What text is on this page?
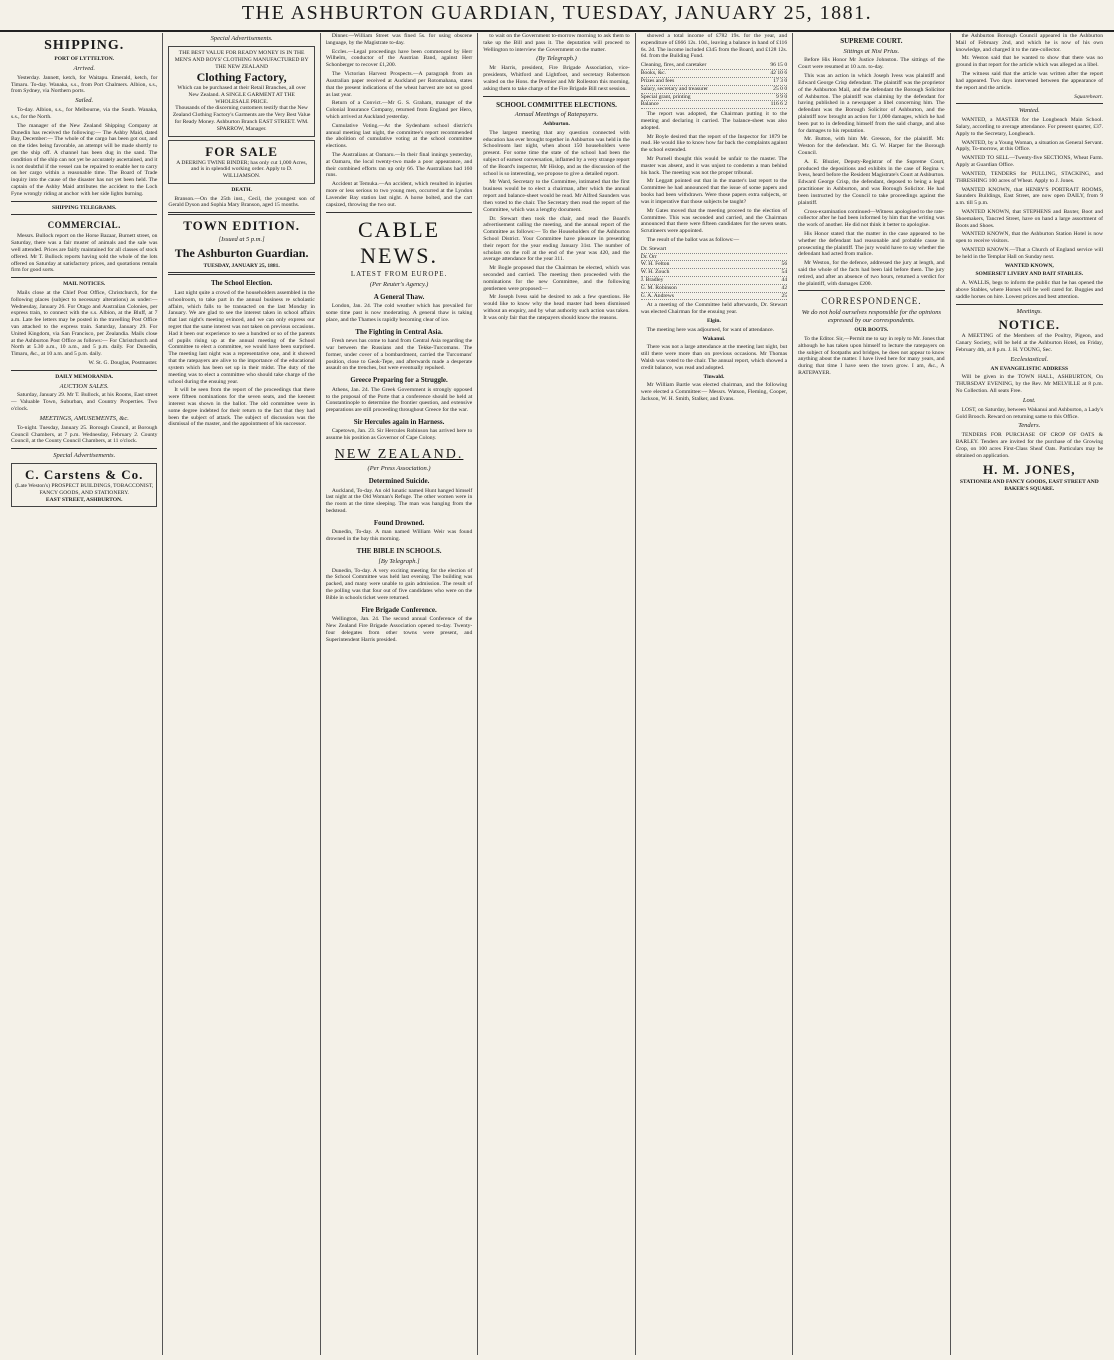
THE ASHBURTON GUARDIAN, TUESDAY, JANUARY 25, 1881.
SHIPPING.
PORT OF LYTTELTON.
Arrived.

Yesterday. Jannett, ketch, for Waitapu. Emerald, ketch, for Timaru. To-day. Wanaka, s.s., from Port Chalmers. Albion, s.s., from Sydney, via Northern ports.

Sailed.

To-day. Albion, s.s., for Melbourne, via the South. Wanaka, s.s., for the North.

The manager of the New Zealand Shipping Company at Dunedin has received the following:— The Ashby Maid, dated Bay, December:— The whole of the cargo has been got out, and on the tides being favorable, an attempt will be made shortly to get the ship off. A channel has been dug in the sand. The condition of the ship can not yet be accurately ascertained, and it is not doubtful if the vessel can be repaired to enable her to carry on her cargo within a reasonable time. The Board of Trade inquiry into the cause of the disaster has not yet been held. The captain of the Ashby Maid attributes the accident to the Loch Fyne wrongly riding at anchor with her side lights burning.

SHIPPING TELEGRAMS.
COMMERCIAL.

Messrs. Bullock report on the Horse Bazaar, Burnett street, on Saturday, there was a fair muster of animals and the sale was well attended. Prices are fairly maintained for all classes of stock offered. Mr T. Bullock reports having sold the whole of the lots offered on Saturday at satisfactory prices, and quotations remain firm for good sorts.

MAIL NOTICES.

Mails close at the Chief Post Office, Christchurch, for the following places (subject to necessary alterations) as under:— Wednesday, January 26. For Otago and Australian Colonies, per express train, to connect with the s.s. Albion, at the Bluff, at 7 a.m. Late fee letters may be posted in the travelling Post Office van attached to the express train. Saturday, January 29. For United Kingdom, via San Francisco, per Zealandia. Mails close at the Ashburton Post Office as follows:— For Christchurch and North at 5.30 a.m., 10 a.m., and 5 p.m. daily. For Dunedin, Timaru, &c., at 10 a.m. and 5 p.m. daily.

W. St. G. Douglas, Postmaster.

DAILY MEMORANDA.
AUCTION SALES.

Saturday, January 29. Mr T. Bullock, at his Rooms, East street — Valuable Town, Suburban, and Country Properties. Two o'clock.

MEETINGS, AMUSEMENTS, &c.

To-night. Tuesday, January 25. Borough Council, at Borough Council Chambers, at 7 p.m. Wednesday, February 2. County Council, at the County Council Chambers, at 11 o'clock.

Special Advertisements.
C. Carstens & Co.
(Late Weston's) PROSPECT BUILDINGS, TOBACCONIST, FANCY GOODS, AND STATIONERY.
EAST STREET, ASHBURTON.
Special Advertisements.
THE BEST VALUE FOR READY MONEY IS IN THE MEN'S AND BOYS' CLOTHING MANUFACTURED BY THE NEW ZEALAND
Clothing Factory,
Which can be purchased at their Retail Branches, all over New Zealand. A SINGLE GARMENT AT THE WHOLESALE PRICE.
Thousands of the discerning customers testify that the New Zealand Clothing Factory's Garments are the Very Best Value for Ready Money. Ashburton Branch EAST STREET. WM. SPARROW, Manager.
FOR SALE
A DEERING TWINE BINDER; has only cut 1,000 Acres, and is in splendid working order. Apply to D. WILLIAMSON.
DEATH.

Branson.—On the 25th inst., Cecil, the youngest son of Gerald Dyson and Sophia Mary Branson, aged 15 months.

TOWN EDITION.
[Issued at 5 p.m.]
The Ashburton Guardian.
TUESDAY, JANUARY 25, 1881.
The School Election.

Last night quite a crowd of the householders assembled in the schoolroom, to take part in the annual business re scholastic affairs, which falls to be transacted on the last Monday in January. We are glad to see the interest taken in school affairs that last night's meeting evinced, and we can only express our regret that the same interest was not taken on previous occasions. Had it been our experience to see a hundred or so of the parents of pupils rising up at the annual meeting of the School Committee to elect a committee, we would have been surprised. The meeting last night was a representative one, and it showed that the ratepayers are alive to the importance of the educational system which has been set up in their midst. The duty of the meeting was to elect a committee who should take charge of the school during the ensuing year.

It will be seen from the report of the proceedings that there were fifteen nominations for the seven seats, and the keenest interest was shown in the ballot. The old committee were in some degree indebted for their return to the fact that they had been the subject of attack. The subject of discussion was the dismissal of the master, and the appointment of his successor.

Dinner.—William Street was fined 5s. for using obscene language, by the Magistrate to-day.

Eccles.—Legal proceedings have been commenced by Herr Wilhelm, conductor of the Austrian Band, against Herr Schonberger to recover £1,200.

The Victorian Harvest Prospects.—A paragraph from an Australian paper received at Auckland per Rotomahana, states that the present indications of the wheat harvest are not so good as last year.

Return of a Convict.—Mr G. S. Graham, manager of the Colonial Insurance Company, returned from England per Hero, which arrived at Auckland yesterday.

Cumulative Voting.—At the Sydenham school district's annual meeting last night, the committee's report recommended the abolition of cumulative voting at the school committee elections.

The Australians at Oamaru.—In their final innings yesterday, at Oamaru, the local twenty-two made a poor appearance, and their combined efforts ran up only 66. The Australians had 160 runs.

Accident at Temuka.—An accident, which resulted in injuries more or less serious to two young men, occurred at the Lyndon Lavender Bay station last night. A horse bolted, and the cart capsized, throwing the two out.

CABLE NEWS.
LATEST FROM EUROPE.
(Per Reuter's Agency.)
A General Thaw.

London, Jan. 24. The cold weather which has prevailed for some time past is now moderating. A general thaw is taking place, and the Thames is rapidly becoming clear of ice.

The Fighting in Central Asia.

Fresh news has come to hand from Central Asia regarding the war between the Russians and the Tekke-Turcomans. The former, under cover of a bombardment, carried the Turcomans' position, close to Geok-Tepe, and afterwards made a desperate assault on the trenches, but were eventually repulsed.

Greece Preparing for a Struggle.

Athens, Jan. 24. The Greek Government is strongly opposed to the proposal of the Porte that a conference should be held at Constantinople to determine the frontier question, and extensive preparations are still proceeding throughout Greece for the war.

Sir Hercules again in Harness.

Capetown, Jan. 23. Sir Hercules Robinson has arrived here to assume his position as Governor of Cape Colony.

NEW ZEALAND.
(Per Press Association.)
Determined Suicide.

Auckland, To-day. An old lunatic named Hunt hanged himself last night at the Old Woman's Refuge. The other women were in the room at the time sleeping. The man was hanging from the bedstead.

Found Drowned.

Dunedin, To-day. A man named William Weir was found drowned in the bay this morning.

THE BIBLE IN SCHOOLS.
[By Telegraph.]

Dunedin, To-day. A very exciting meeting for the election of the School Committee was held last evening. The building was packed, and many were unable to gain admission. The result of the polling was that four out of five candidates who were on the Bible in schools ticket were returned.

Fire Brigade Conference.

Wellington, Jan. 24. The second annual Conference of the New Zealand Fire Brigade Association opened to-day. Twenty-four delegates from other towns were present, and Superintendent Harris presided.

to wait on the Government to-morrow morning to ask them to take up the Bill and pass it. The deputation will proceed to Wellington to interview the Government on the matter.

(By Telegraph.)

Mr Harris, president, Fire Brigade Association, vice-presidents, Whitford and Lightfoot, and secretary Robertson waited on the Hons. the Premier and Mr Rolleston this morning, asking them to take charge of the Fire Brigade Bill next session.

SCHOOL COMMITTEE ELECTIONS.
Annual Meetings of Ratepayers.
Ashburton.

The largest meeting that any question connected with education has ever brought together in Ashburton was held in the Schoolroom last night, when about 150 householders were present. For some time the state of the school had been the subject of earnest conversation, inflamed by a very strange report of the Board's inspector, Mr Hislop, and as the discussion of the school is so interesting, we propose to give a detailed report.

Mr Ward, Secretary to the Committee, intimated that the first business would be to elect a chairman, after which the annual report and balance-sheet would be read. Mr Alfred Saunders was then voted to the chair. The Secretary then read the report of the Committee, which was a lengthy document.

Dr. Stewart then took the chair, and read the Board's advertisement calling the meeting, and the annual report of the Committee as follows:— To the Householders of the Ashburton School District. Your Committee have pleasure in presenting their report for the year ending January 31st. The number of scholars on the roll at the end of the year was 420, and the average attendance for the year 311.

Mr Bogle proposed that the Chairman be elected, which was seconded and carried. The meeting then proceeded with the nominations for the new Committee, and the following gentlemen were proposed:—

Mr Joseph Ivess said he desired to ask a few questions. He would like to know why the head master had been dismissed without an enquiry, and by what authority such action was taken. It was only fair that the ratepayers should know the reasons.

showed a total income of £782 19s. for the year, and expenditure of £666 12s. 10d., leaving a balance in hand of £116 6s. 2d. The income included £345 from the Board, and £128 12s. 6d. from the Building Fund.

Cleaning, fires, and caretaker	96 15 0
Books, &c.	42 10 6
Prizes and fees	17 3 0
Salary, secretary and treasurer	25 0 0
Special grant, printing	9 9 0
Balance	116 6 2

The report was adopted, the Chairman putting it to the meeting and declaring it carried. The balance-sheet was also adopted.

Mr Boyle desired that the report of the Inspector for 1879 be read. He would like to know how far back the complaints against the school extended.

Mr Purnell thought this would be unfair to the master. The master was absent, and it was unjust to condemn a man behind his back. The meeting was not the proper tribunal.

Mr Leggatt pointed out that in the master's last report to the Committee he had announced that the issue of some papers and books had been withdrawn. Were those papers extra subjects, or was it imperative that those subjects be taught?

Mr Gates moved that the meeting proceed to the election of Committee. This was seconded and carried, and the Chairman announced that there were fifteen candidates for the seven seats. Scrutineers were appointed.

The result of the ballot was as follows:—

Dr. Stewart
Dr. Orr
W. H. Felton	56
W. H. Zouch	54
J. Bradley	44
G. M. Robinson	42
G. A. Andrews	25

At a meeting of the Committee held afterwards, Dr. Stewart was elected Chairman for the ensuing year.

Elgin.

The meeting here was adjourned, for want of attendance.

Wakanui.

There was not a large attendance at the meeting last night, but still there were more than on previous occasions. Mr Thomas Walsh was voted to the chair. The annual report, which showed a credit balance, was read and adopted.

Tinwald.

Mr William Bartle was elected chairman, and the following were elected a Committee:— Messrs. Watson, Fleming, Cooper, Jackson, W. H. Smith, Stalker, and Evans.

SUPREME COURT.
Sittings at Nisi Prius.

Before His Honor Mr Justice Johnston. The sittings of the Court were resumed at 10 a.m. to-day.

This was an action in which Joseph Ivess was plaintiff and Edward George Crisp defendant. The plaintiff was the proprietor of the Ashburton Mail, and the defendant the Borough Solicitor of Ashburton. The plaintiff was claiming by the defendant for having published in a newspaper a libel concerning him. The defendant was the Borough Solicitor of Ashburton, and the plaintiff now brought an action for 1,000 damages, which he had been put to in defending himself from the said charge, and also for damages to his reputation.

Mr. Button, with him Mr. Gresson, for the plaintiff. Mr. Weston for the defendant. Mr. G. W. Harper for the Borough Council.

A. E. Bluzier, Deputy-Registrar of the Supreme Court, produced the depositions and exhibits in the case of Regina v. Ivess, heard before the Resident Magistrate's Court at Ashburton. Edward George Crisp, the defendant, deposed to being a legal practitioner in Ashburton, and was Borough Solicitor. He had been instructed by the Council to take proceedings against the plaintiff.

Cross-examination continued—Witness apologised to the rate-collector after he had been informed by him that the writing was the work of another. He did not think it better to apologise.

His Honor stated that the matter in the case appeared to be whether the defendant had reasonable and probable cause in prosecuting the plaintiff. The jury would have to say whether the defendant had acted from malice.

Mr Weston, for the defence, addressed the jury at length, and said the whole of the facts had been laid before them. The jury retired, and after an absence of two hours, returned a verdict for the plaintiff, with damages £200.

CORRESPONDENCE.
We do not hold ourselves responsible for the opinions expressed by our correspondents.
OUR BOOTS.

To the Editor. Sir,—Permit me to say in reply to Mr. Jones that although he has taken upon himself to lecture the ratepayers on the subject of footpaths and bridges, he does not appear to know anything about the matter. I have lived here for many years, and during that time I have seen the town grow. I am, &c., A RATEPAYER.

the Ashburton Borough Council appeared in the Ashburton Mail of February 2nd, and which he is now of his own knowledge, and charged it to the rate-collector.

Mr. Weston said that he wanted to show that there was no ground in that report for the article which was alleged as a libel.

The witness said that the article was written after the report had appeared. Two days intervened between the appearance of the report and the article.

Squareheart.

Wanted.

WANTED, a MASTER for the Longbeach Main School. Salary, according to average attendance. For present quarter, £37. Apply to the Secretary, Longbeach.

WANTED, by a Young Woman, a situation as General Servant. Apply, To-morrow, at this Office.

WANTED TO SELL—Twenty-five SECTIONS, Wheat Farm. Apply at Guardian Office.

WANTED, TENDERS for PULLING, STACKING, and THRESHING 100 acres of Wheat. Apply to J. Jones.

WANTED KNOWN, that HENRY'S PORTRAIT ROOMS, Saunders Buildings, East Street, are now open DAILY, from 9 a.m. till 5 p.m.

WANTED KNOWN, that STEPHENS and Baxter, Boot and Shoemakers, Tancred Street, have on hand a large assortment of Boots and Shoes.

WANTED KNOWN, that the Ashburton Station Hotel is now open to receive visitors.

WANTED KNOWN.—That a Church of England service will be held in the Templar Hall on Sunday next.

WANTED KNOWN,
SOMERSET LIVERY AND BAIT STABLES.

A. WALLIS, begs to inform the public that he has opened the above Stables, where Horses will be well cared for. Buggies and saddle horses on hire. Lowest prices and best attention.

Meetings.
NOTICE.

A MEETING of the Members of the Poultry, Pigeon, and Canary Society, will be held at the Ashburton Hotel, on Friday, February 4th, at 8 p.m. J. H. YOUNG, Sec.

Ecclesiastical.
AN EVANGELISTIC ADDRESS

Will be given in the TOWN HALL, ASHBURTON, On THURSDAY EVENING, by the Rev. Mr MELVILLE at 8 p.m. No Collection. All seats Free.

Lost.

LOST, on Saturday, between Wakanui and Ashburton, a Lady's Gold Brooch. Reward on returning same to this Office.

Tenders.

TENDERS FOR PURCHASE OF CROP OF OATS & BARLEY. Tenders are invited for the purchase of the Growing Crop, on 100 acres First-Class Sheaf Oats. Particulars may be obtained on application.

H. M. JONES,
STATIONER AND FANCY GOODS, EAST STREET AND BAKER'S SQUARE.
